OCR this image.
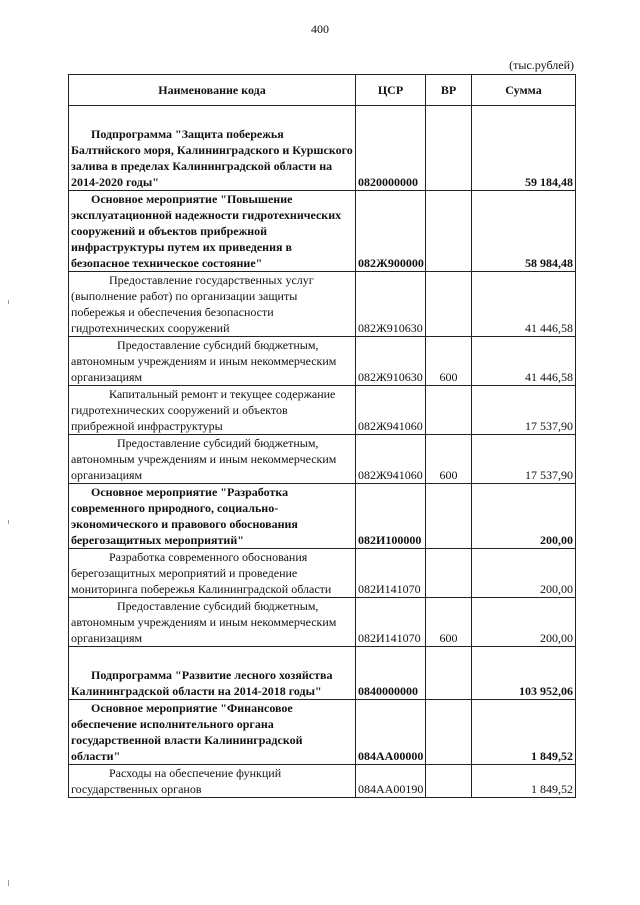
400
(тыс.рублей)
Наименование кода	ЦСР	ВР	Сумма
Подпрограмма "Защита побережья Балтийского моря, Калининградского и Куршского залива в пределах Калининградской области на 2014-2020 годы"	0820000000		59 184,48
Основное мероприятие "Повышение эксплуатационной надежности гидротехнических сооружений и объектов прибрежной инфраструктуры путем их приведения в безопасное техническое состояние"	082Ж900000		58 984,48
Предоставление государственных услуг (выполнение работ) по организации защиты побережья и обеспечения безопасности гидротехнических сооружений	082Ж910630		41 446,58
Предоставление субсидий бюджетным, автономным учреждениям и иным некоммерческим организациям	082Ж910630	600	41 446,58
Капитальный ремонт и текущее содержание гидротехнических сооружений и объектов прибрежной инфраструктуры	082Ж941060		17 537,90
Предоставление субсидий бюджетным, автономным учреждениям и иным некоммерческим организациям	082Ж941060	600	17 537,90
Основное мероприятие "Разработка современного природного, социально-экономического и правового обоснования берегозащитных мероприятий"	082И100000		200,00
Разработка современного обоснования берегозащитных мероприятий и проведение мониторинга побережья Калининградской области	082И141070		200,00
Предоставление субсидий бюджетным, автономным учреждениям и иным некоммерческим организациям	082И141070	600	200,00
Подпрограмма "Развитие лесного хозяйства Калининградской области на 2014-2018 годы"	0840000000		103 952,06
Основное мероприятие "Финансовое обеспечение исполнительного органа государственной власти Калининградской области"	084АА00000		1 849,52
Расходы на обеспечение функций государственных органов	084АА00190		1 849,52
